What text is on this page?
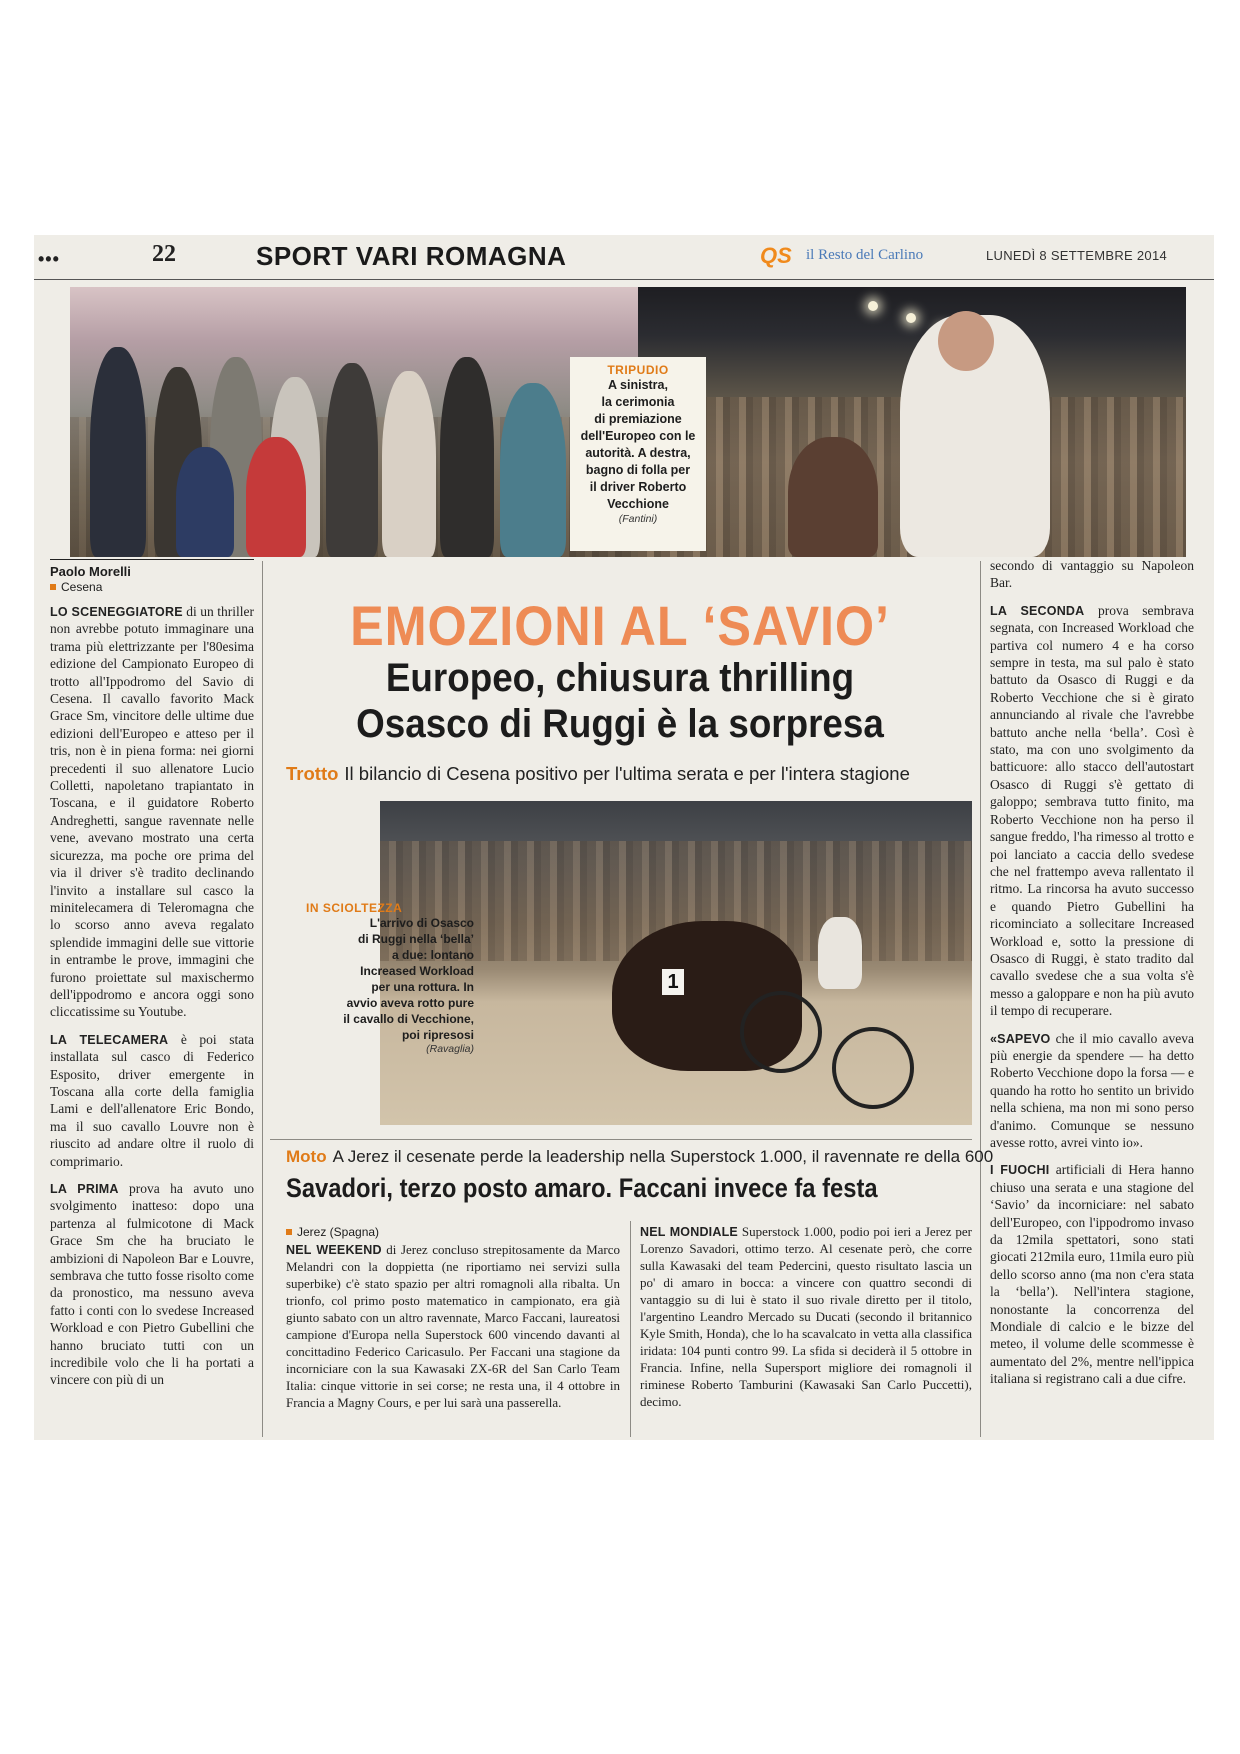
•••	22	SPORT VARI ROMAGNA	QS il Resto del Carlino	LUNEDÌ 8 SETTEMBRE 2014
TRIPUDIO
A sinistra,
la cerimonia
di premiazione
dell'Europeo con le
autorità. A destra,
bagno di folla per
il driver Roberto
Vecchione
(Fantini)
Paolo Morelli
Cesena
EMOZIONI AL ‘SAVIO’
Europeo, chiusura thrilling
Osasco di Ruggi è la sorpresa
Trotto Il bilancio di Cesena positivo per l'ultima serata e per l'intera stagione
1
IN SCIOLTEZZA
L'arrivo di Osasco
di Ruggi nella ‘bella’
a due: lontano
Increased Workload
per una rottura. In
avvio aveva rotto pure
il cavallo di Vecchione,
poi ripresosi
(Ravaglia)

LO SCENEGGIATORE di un thriller non avrebbe potuto immaginare una trama più elettrizzante per l'80esima edizione del Campionato Europeo di trotto all'Ippodromo del Savio di Cesena. Il cavallo favorito Mack Grace Sm, vincitore delle ultime due edizioni dell'Europeo e atteso per il tris, non è in piena forma: nei giorni precedenti il suo allenatore Lucio Colletti, napoletano trapiantato in Toscana, e il guidatore Roberto Andreghetti, sangue ravennate nelle vene, avevano mostrato una certa sicurezza, ma poche ore prima del via il driver s'è tradito declinando l'invito a installare sul casco la minitelecamera di Teleromagna che lo scorso anno aveva regalato splendide immagini delle sue vittorie in entrambe le prove, immagini che furono proiettate sul maxischermo dell'ippodromo e ancora oggi sono cliccatissime su Youtube.

LA TELECAMERA è poi stata installata sul casco di Federico Esposito, driver emergente in Toscana alla corte della famiglia Lami e dell'allenatore Eric Bondo, ma il suo cavallo Louvre non è riuscito ad andare oltre il ruolo di comprimario.

LA PRIMA prova ha avuto uno svolgimento inatteso: dopo una partenza al fulmicotone di Mack Grace Sm che ha bruciato le ambizioni di Napoleon Bar e Louvre, sembrava che tutto fosse risolto come da pronostico, ma nessuno aveva fatto i conti con lo svedese Increased Workload e con Pietro Gubellini che hanno bruciato tutti con un incredibile volo che li ha portati a vincere con più di un

secondo di vantaggio su Napoleon Bar.

LA SECONDA prova sembrava segnata, con Increased Workload che partiva col numero 4 e ha corso sempre in testa, ma sul palo è stato battuto da Osasco di Ruggi e da Roberto Vecchione che si è girato annunciando al rivale che l'avrebbe battuto anche nella ‘bella’. Così è stato, ma con uno svolgimento da batticuore: allo stacco dell'autostart Osasco di Ruggi s'è gettato di galoppo; sembrava tutto finito, ma Roberto Vecchione non ha perso il sangue freddo, l'ha rimesso al trotto e poi lanciato a caccia dello svedese che nel frattempo aveva rallentato il ritmo. La rincorsa ha avuto successo e quando Pietro Gubellini ha ricominciato a sollecitare Increased Workload e, sotto la pressione di Osasco di Ruggi, è stato tradito dal cavallo svedese che a sua volta s'è messo a galoppare e non ha più avuto il tempo di recuperare.

«SAPEVO che il mio cavallo aveva più energie da spendere — ha detto Roberto Vecchione dopo la forsa — e quando ha rotto ho sentito un brivido nella schiena, ma non mi sono perso d'animo. Comunque se nessuno avesse rotto, avrei vinto io».

I FUOCHI artificiali di Hera hanno chiuso una serata e una stagione del ‘Savio’ da incorniciare: nel sabato dell'Europeo, con l'ippodromo invaso da 12mila spettatori, sono stati giocati 212mila euro, 11mila euro più dello scorso anno (ma non c'era stata la ‘bella’). Nell'intera stagione, nonostante la concorrenza del Mondiale di calcio e le bizze del meteo, il volume delle scommesse è aumentato del 2%, mentre nell'ippica italiana si registrano cali a due cifre.

Moto A Jerez il cesenate perde la leadership nella Superstock 1.000, il ravennate re della 600
Savadori, terzo posto amaro. Faccani invece fa festa
Jerez (Spagna)

NEL WEEKEND di Jerez concluso strepitosamente da Marco Melandri con la doppietta (ne riportiamo nei servizi sulla superbike) c'è stato spazio per altri romagnoli alla ribalta. Un trionfo, col primo posto matematico in campionato, era già giunto sabato con un altro ravennate, Marco Faccani, laureatosi campione d'Europa nella Superstock 600 vincendo davanti al concittadino Federico Caricasulo. Per Faccani una stagione da incorniciare con la sua Kawasaki ZX-6R del San Carlo Team Italia: cinque vittorie in sei corse; ne resta una, il 4 ottobre in Francia a Magny Cours, e per lui sarà una passerella.

NEL MONDIALE Superstock 1.000, podio poi ieri a Jerez per Lorenzo Savadori, ottimo terzo. Al cesenate però, che corre sulla Kawasaki del team Pedercini, questo risultato lascia un po' di amaro in bocca: a vincere con quattro secondi di vantaggio su di lui è stato il suo rivale diretto per il titolo, l'argentino Leandro Mercado su Ducati (secondo il britannico Kyle Smith, Honda), che lo ha scavalcato in vetta alla classifica iridata: 104 punti contro 99. La sfida si deciderà il 5 ottobre in Francia. Infine, nella Supersport migliore dei romagnoli il riminese Roberto Tamburini (Kawasaki San Carlo Puccetti), decimo.
